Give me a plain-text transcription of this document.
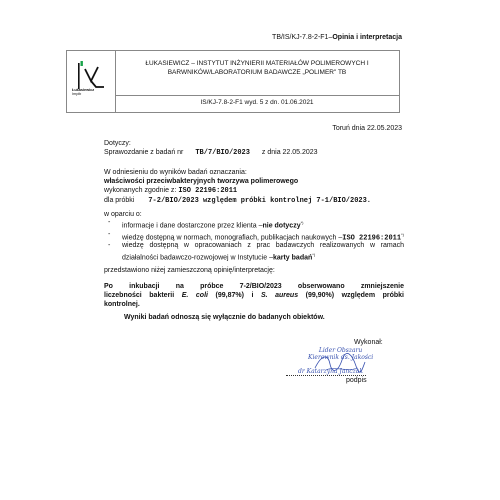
TB/IS/KJ-7.8-2-F1–Opinia i interpretacja
Łukasiewicz
Impib
ŁUKASIEWICZ – INSTYTUT INŻYNIERII MATERIAŁÓW POLIMEROWYCH I
BARWNIKÓW/LABORATORIUM BADAWCZE „POLIMER" TB
IS/KJ-7.8-2-F1 wyd. 5 z dn. 01.06.2021
Toruń dnia 22.05.2023
Dotyczy:
Sprawozdanie z badań nr TB/7/BIO/2023 z dnia 22.05.2023
W odniesieniu do wyników badań oznaczania:
właściwości przeciwbakteryjnych tworzywa polimerowego
wykonanych zgodnie z: ISO 22196:2011
dla próbki 7-2/BIO/2023 względem próbki kontrolnej 7-1/BIO/2023.
w oparciu o:
- informacje i dane dostarczone przez klienta –nie dotyczy*)
- wiedzę dostępną w normach, monografiach, publikacjach naukowych –ISO 22196:2011*)
- wiedzę dostępną w opracowaniach z prac badawczych realizowanych w ramach działalności badawczo-rozwojowej w Instytucie –karty badań*)
przedstawiono niżej zamieszczoną opinię/interpretację:
Po inkubacji na próbce 7-2/BIO/2023 obserwowano zmniejszenie
liczebności bakterii E. coli (99,87%) i S. aureus (99,90%) względem próbki
kontrolnej.
Wyniki badań odnoszą się wyłącznie do badanych obiektów.
Wykonał:
Lider Obszaru
Kierownik ds. Jakości
dr Katarzyna Janczak
podpis
